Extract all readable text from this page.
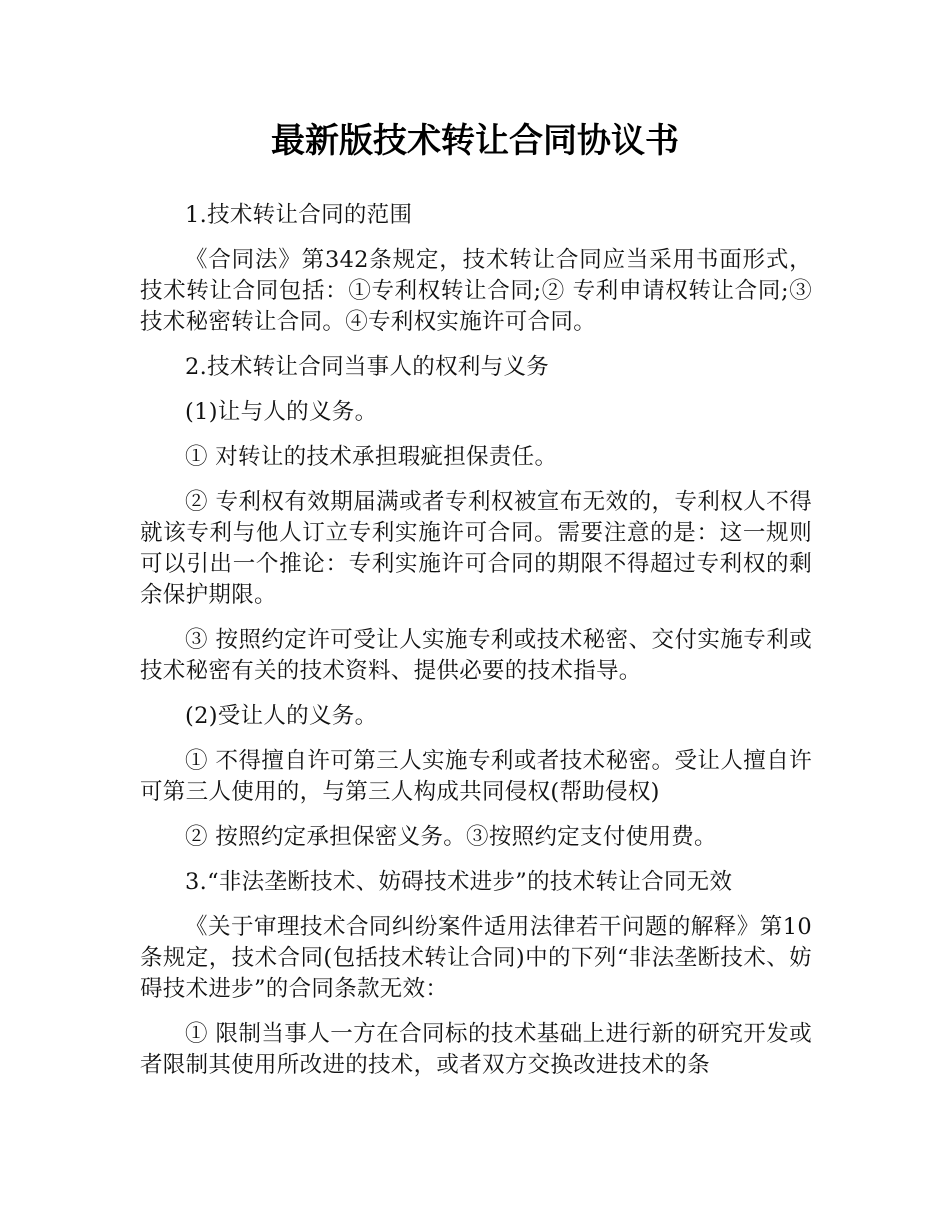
最新版技术转让合同协议书

1.技术转让合同的范围

《合同法》第342条规定，技术转让合同应当采用书面形式，技术转让合同包括：①专利权转让合同;② 专利申请权转让合同;③ 技术秘密转让合同。④专利权实施许可合同。

2.技术转让合同当事人的权利与义务

(1)让与人的义务。

① 对转让的技术承担瑕疵担保责任。

② 专利权有效期届满或者专利权被宣布无效的，专利权人不得就该专利与他人订立专利实施许可合同。需要注意的是：这一规则可以引出一个推论：专利实施许可合同的期限不得超过专利权的剩余保护期限。

③ 按照约定许可受让人实施专利或技术秘密、交付实施专利或技术秘密有关的技术资料、提供必要的技术指导。

(2)受让人的义务。

① 不得擅自许可第三人实施专利或者技术秘密。受让人擅自许可第三人使用的，与第三人构成共同侵权(帮助侵权)

② 按照约定承担保密义务。③按照约定支付使用费。

3.“非法垄断技术、妨碍技术进步”的技术转让合同无效

《关于审理技术合同纠纷案件适用法律若干问题的解释》第10条规定，技术合同(包括技术转让合同)中的下列“非法垄断技术、妨碍技术进步”的合同条款无效：

① 限制当事人一方在合同标的技术基础上进行新的研究开发或者限制其使用所改进的技术，或者双方交换改进技术的条
